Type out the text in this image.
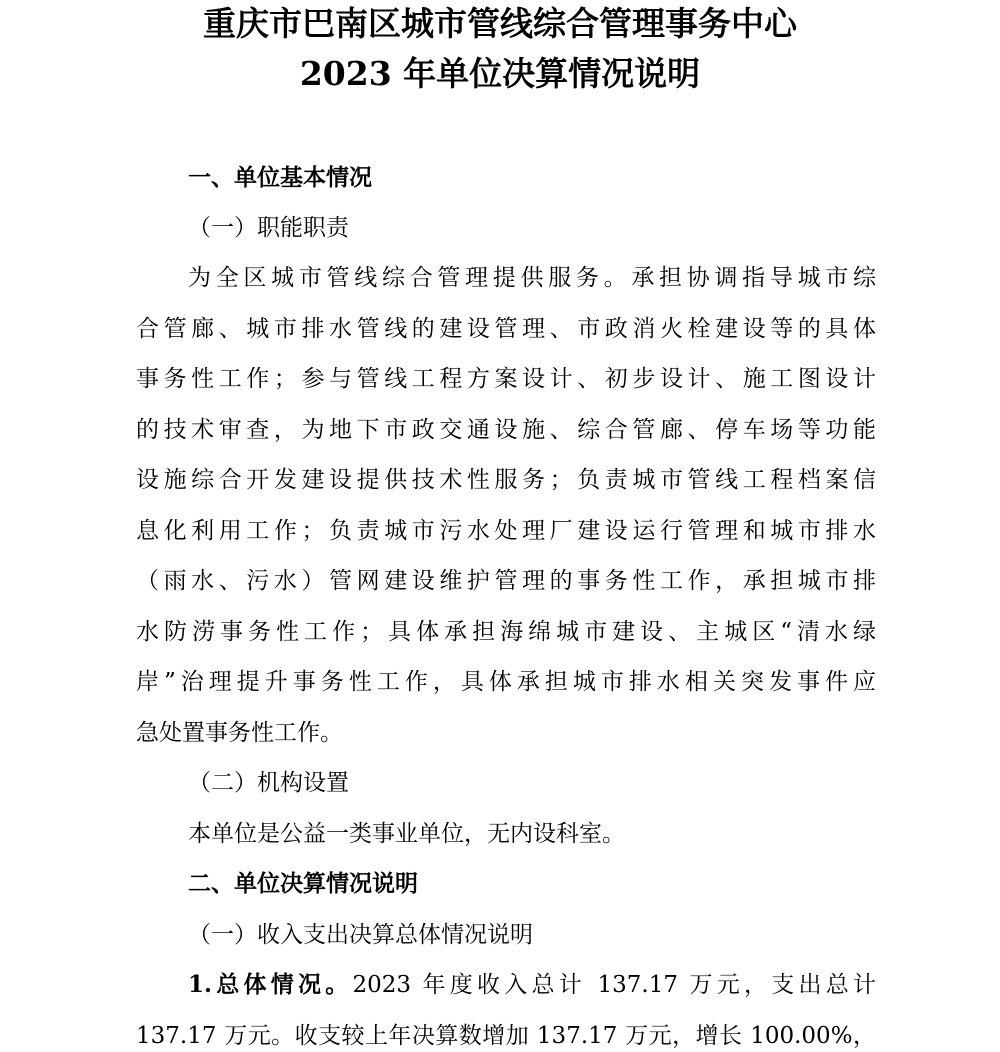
重庆市巴南区城市管线综合管理事务中心
2023 年单位决算情况说明
一、单位基本情况
（一）职能职责
为全区城市管线综合管理提供服务。承担协调指导城市综
合管廊、城市排水管线的建设管理、市政消火栓建设等的具体
事务性工作；参与管线工程方案设计、初步设计、施工图设计
的技术审查，为地下市政交通设施、综合管廊、停车场等功能
设施综合开发建设提供技术性服务；负责城市管线工程档案信
息化利用工作；负责城市污水处理厂建设运行管理和城市排水
（雨水、污水）管网建设维护管理的事务性工作，承担城市排
水防涝事务性工作；具体承担海绵城市建设、主城区“清水绿
岸”治理提升事务性工作，具体承担城市排水相关突发事件应
急处置事务性工作。
（二）机构设置
本单位是公益一类事业单位，无内设科室。
二、单位决算情况说明
（一）收入支出决算总体情况说明
1.总体情况。2023 年度收入总计 137.17 万元，支出总计
137.17 万元。收支较上年决算数增加 137.17 万元，增长 100.00%，
